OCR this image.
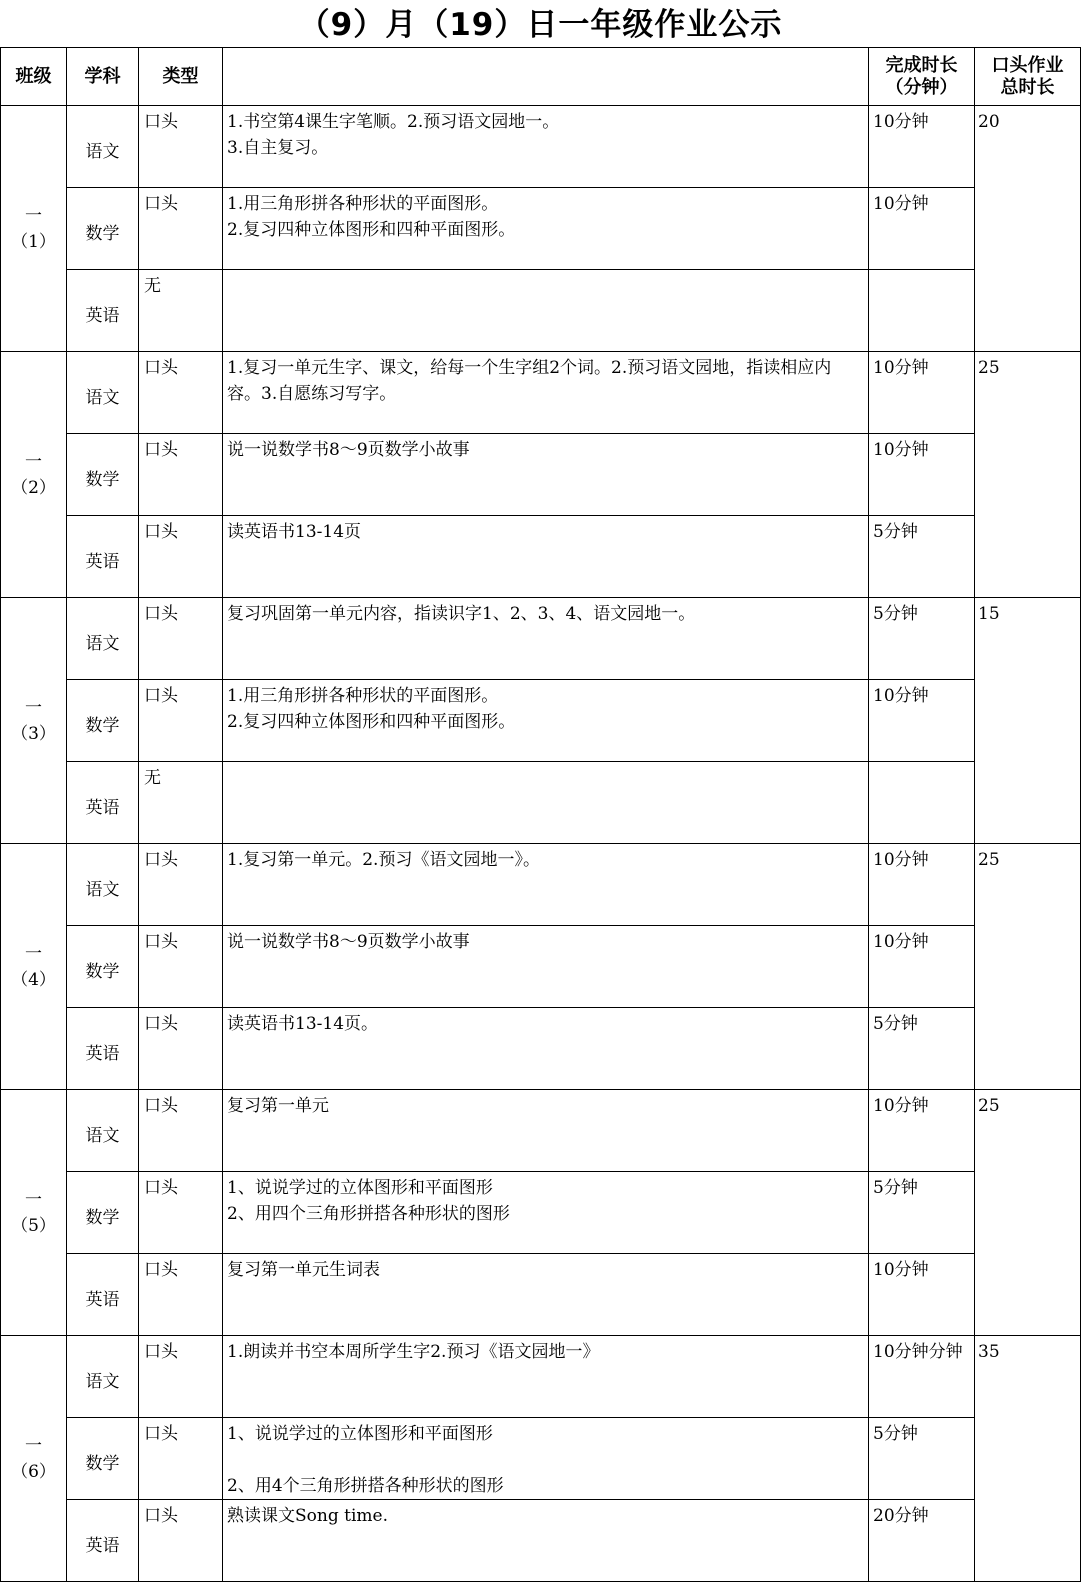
（9）月（19）日一年级作业公示
班级	学科	类型		完成时长
（分钟）	口头作业
总时长
一
（1）	语文	口头	1.书空第4课生字笔顺。2.预习语文园地一。
3.自主复习。	10分钟	20
	数学	口头	1.用三角形拼各种形状的平面图形。
2.复习四种立体图形和四种平面图形。	10分钟	
	英语	无			
一
（2）	语文	口头	1.复习一单元生字、课文，给每一个生字组2个词。2.预习语文园地，指读相应内容。3.自愿练习写字。	10分钟	25
	数学	口头	说一说数学书8～9页数学小故事	10分钟	
	英语	口头	读英语书13-14页	5分钟	
一
（3）	语文	口头	复习巩固第一单元内容，指读识字1、2、3、4、语文园地一。	5分钟	15
	数学	口头	1.用三角形拼各种形状的平面图形。
2.复习四种立体图形和四种平面图形。	10分钟	
	英语	无			
一
（4）	语文	口头	1.复习第一单元。2.预习《语文园地一》。	10分钟	25
	数学	口头	说一说数学书8～9页数学小故事	10分钟	
	英语	口头	读英语书13-14页。	5分钟	
一
（5）	语文	口头	复习第一单元	10分钟	25
	数学	口头	1、说说学过的立体图形和平面图形
2、用四个三角形拼搭各种形状的图形	5分钟	
	英语	口头	复习第一单元生词表	10分钟	
一
（6）	语文	口头	1.朗读并书空本周所学生字2.预习《语文园地一》	10分钟分钟	35
	数学	口头	1、说说学过的立体图形和平面图形

2、用4个三角形拼搭各种形状的图形	5分钟	
	英语	口头	熟读课文Song time.	20分钟	
